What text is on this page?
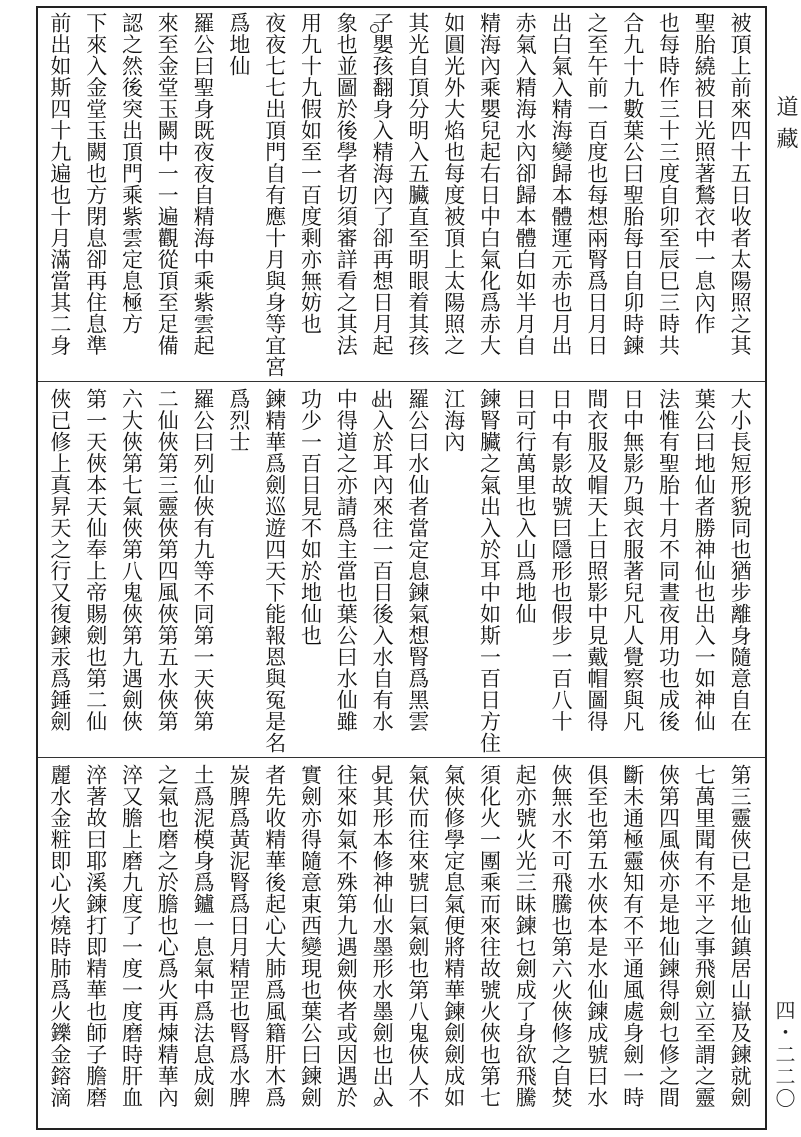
道藏
四・二二〇
被頂上前來四十五日收者太陽照之其
聖胎繞被日光照著鶖衣中一息內作
也每時作三十三度自卯至辰巳三時共
合九十九數葉公曰聖胎每日自卯時鍊
之至午前一百度也每想兩腎爲日月日
出白氣入精海變歸本體運元赤也月出
赤氣入精海水內卻歸本體白如半月自
精海內乘嬰兒起右日中白氣化爲赤大
如圓光外大焰也每度被頂上太陽照之
其光自頂分明入五臟直至明眼着其孩
子嬰孩翻身入精海內了卻再想日月起
象也並圖於後學者切須審詳看之其法
用九十九假如至一百度剩亦無妨也
夜夜七七出頂門自有應十月與身等宜宮
爲地仙
羅公曰聖身既夜夜自精海中乘紫雲起
來至金堂玉闕中一一遍觀從頂至足備
認之然後突出頂門乘紫雲定息極方
下來入金堂玉闕也方閉息卻再住息準
前出如斯四十九遍也十月滿當其二身
大小長短形貌同也猶步離身隨意自在
葉公曰地仙者勝神仙也出入一如神仙
法惟有聖胎十月不同晝夜用功也成後
日中無影乃與衣服著兒凡人覺察與凡
間衣服及帽天上日照影中見戴帽圖得
日中有影故號曰隱形也假步一百八十
日可行萬里也入山爲地仙
鍊腎臟之氣出入於耳中如斯一百日方住
江海內
羅公曰水仙者當定息鍊氣想腎爲黑雲
出入於耳內來往一百日後入水自有水
中得道之亦請爲主當也葉公曰水仙雖
功少一百日見不如於地仙也
鍊精華爲劍巡遊四天下能報恩與冤是名
爲烈士
羅公曰列仙俠有九等不同第一天俠第
二仙俠第三靈俠第四風俠第五水俠第
六大俠第七氣俠第八鬼俠第九遇劍俠
第一天俠本天仙奉上帝賜劍也第二仙
俠已修上真昇天之行又復鍊汞爲錘劍
第三靈俠已是地仙鎮居山嶽及鍊就劍
七萬里聞有不平之事飛劍立至謂之靈
俠第四風俠亦是地仙鍊得劍乜修之間
斷未通極靈知有不平通風處身劍一時
俱至也第五水俠本是水仙鍊成號曰水
俠無水不可飛騰也第六火俠修之自焚
起亦號火光三昧鍊乜劍成了身欲飛騰
須化火一團乘而來往故號火俠也第七
氣俠修學定息氣便將精華鍊劍劍成如
氣伏而往來號曰氣劍也第八鬼俠人不
見其形本修神仙水墨形水墨劍也出入
往來如氣不殊第九遇劍俠者或因遇於
實劍亦得隨意東西變現也葉公曰鍊劍
者先收精華後起心大肺爲風籍肝木爲
炭脾爲黃泥腎爲日月精罡也腎爲水脾
土爲泥模身爲鑪一息氣中爲法息成劍
之氣也磨之於膽也心爲火再煉精華內
淬又膽上磨九度了一度一度磨時肝血
淬著故曰耶溪鍊打即精華也師子膽磨
麗水金粧即心火燒時肺爲火鑠金鎔滴
